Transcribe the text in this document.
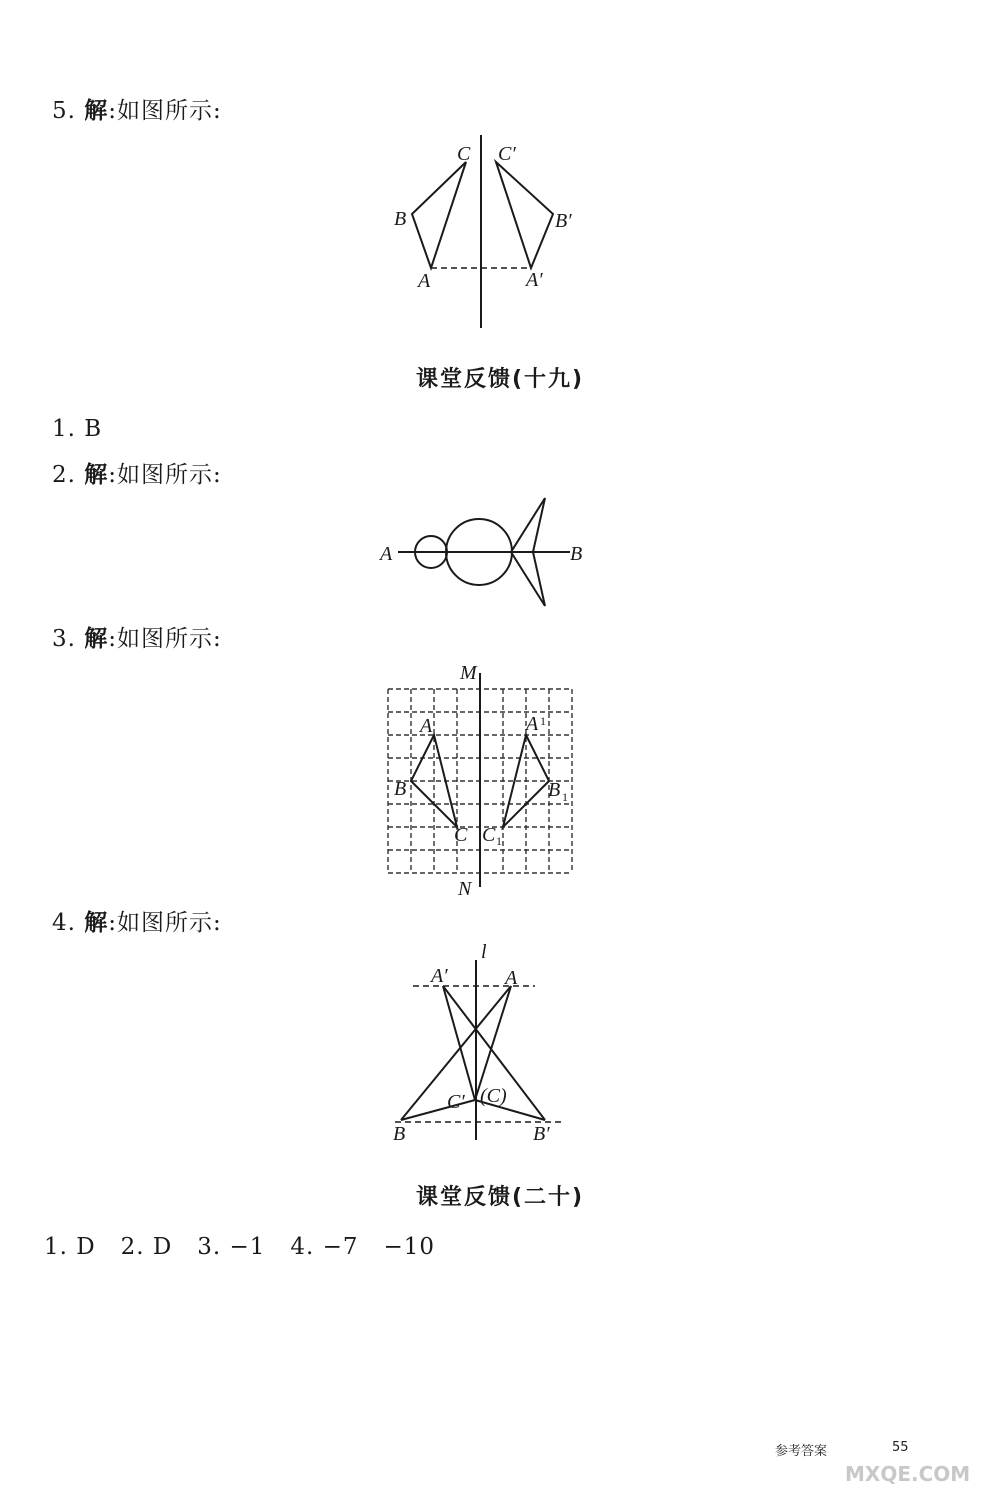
5. 解:如图所示:
C C′
B	B′
A	A′
课堂反馈(十九)
1. B
2. 解:如图所示:
A	B
3. 解:如图所示:
M
N
A
B
C
A 1
B 1
C 1
4. 解:如图所示:
l
A′	A
C′ (C)
B	B′
课堂反馈(二十)
1. D   2. D   3. −1   4. −7   −10
参考答案	55
MXQE.COM
